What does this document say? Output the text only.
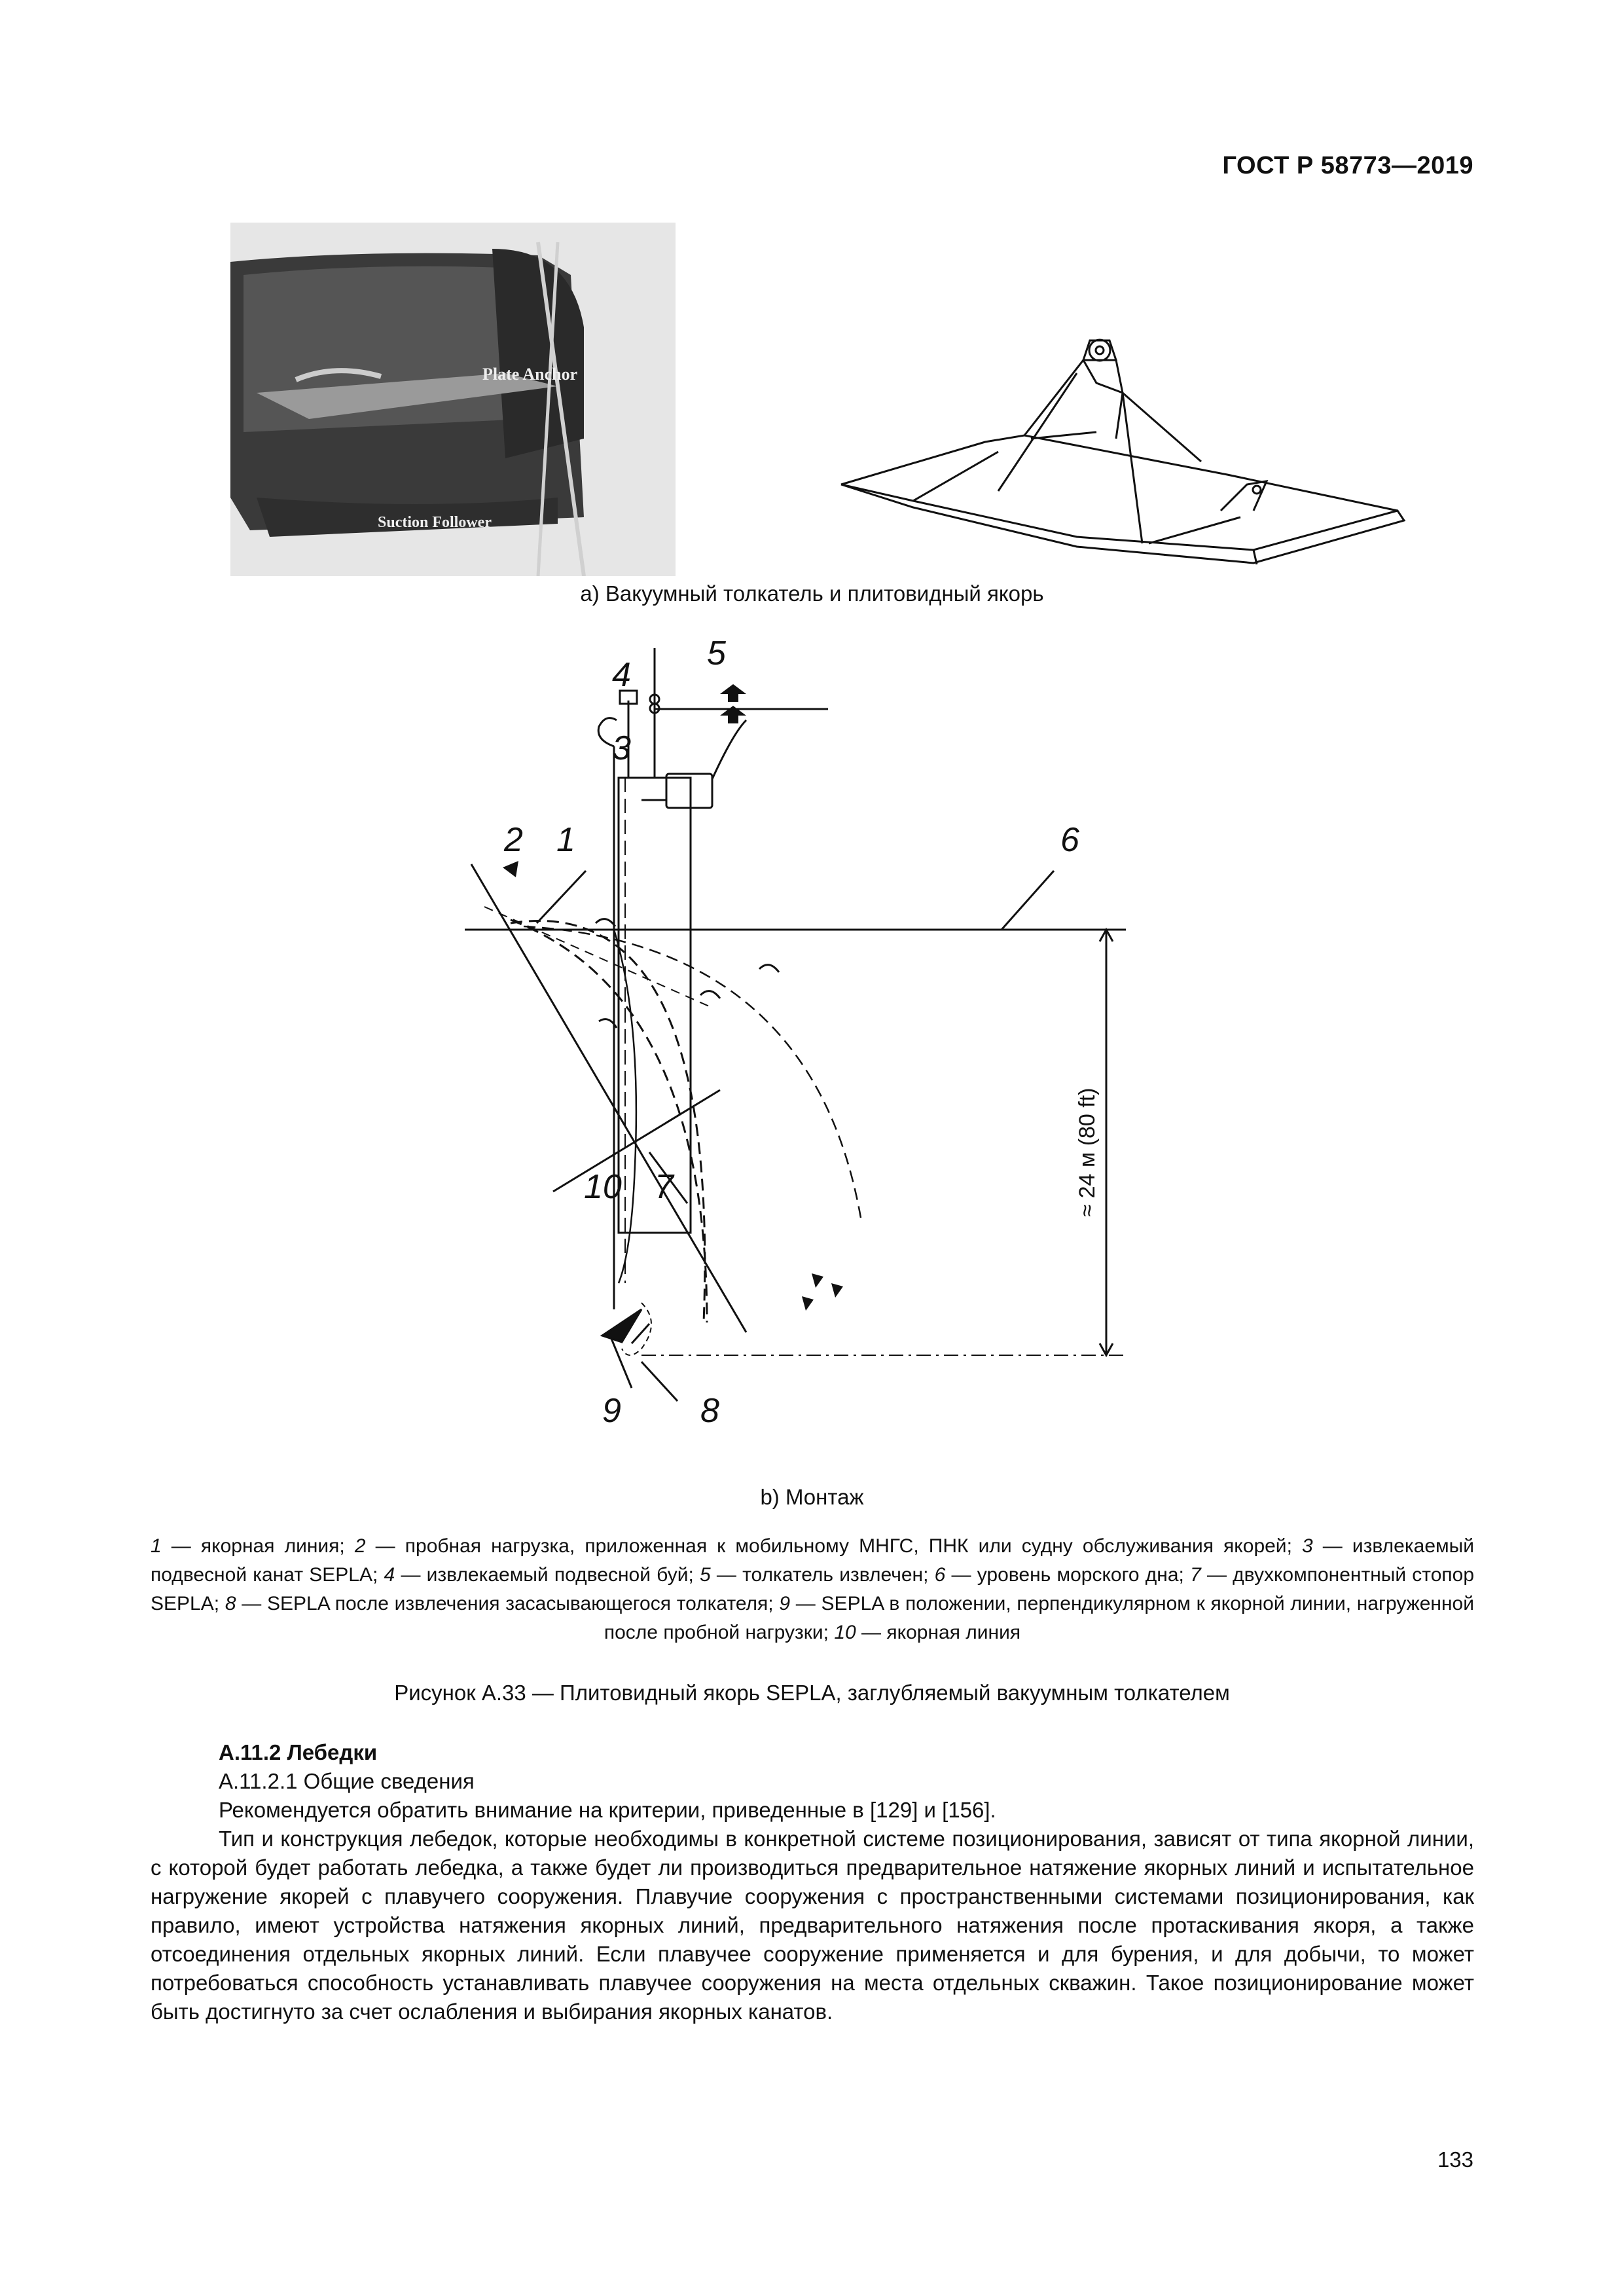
ГОСТ Р 58773—2019
Plate Anchor
Suction Follower
a) Вакуумный толкатель и плитовидный якорь
2 1
10
4
3
5
6
7
9 8
≈ 24 м (80 ft)
b) Монтаж
1 — якорная линия; 2 — пробная нагрузка, приложенная к мобильному МНГС, ПНК или судну обслуживания якорей; 3 — извлекаемый подвесной канат SEPLA; 4 — извлекаемый подвесной буй; 5 — толкатель извлечен; 6 — уровень морского дна; 7 — двухкомпонентный стопор SEPLA; 8 — SEPLA после извлечения засасывающегося толкателя; 9 — SEPLA в положении, перпендикулярном к якорной линии, нагруженной после пробной нагрузки; 10 — якорная линия
Рисунок А.33 — Плитовидный якорь SEPLA, заглубляемый вакуумным толкателем

А.11.2 Лебедки

А.11.2.1 Общие сведения

Рекомендуется обратить внимание на критерии, приведенные в [129] и [156].

Тип и конструкция лебедок, которые необходимы в конкретной системе позиционирования, зависят от типа якорной линии, с которой будет работать лебедка, а также будет ли производиться предварительное натяжение якорных линий и испытательное нагружение якорей с плавучего сооружения. Плавучие сооружения с пространственными системами позиционирования, как правило, имеют устройства натяжения якорных линий, предварительного натяжения после протаскивания якоря, а также отсоединения отдельных якорных линий. Если плавучее сооружение применяется и для бурения, и для добычи, то может потребоваться способность устанавливать плавучее сооружения на места отдельных скважин. Такое позиционирование может быть достигнуто за счет ослабления и выбирания якорных канатов.

133
